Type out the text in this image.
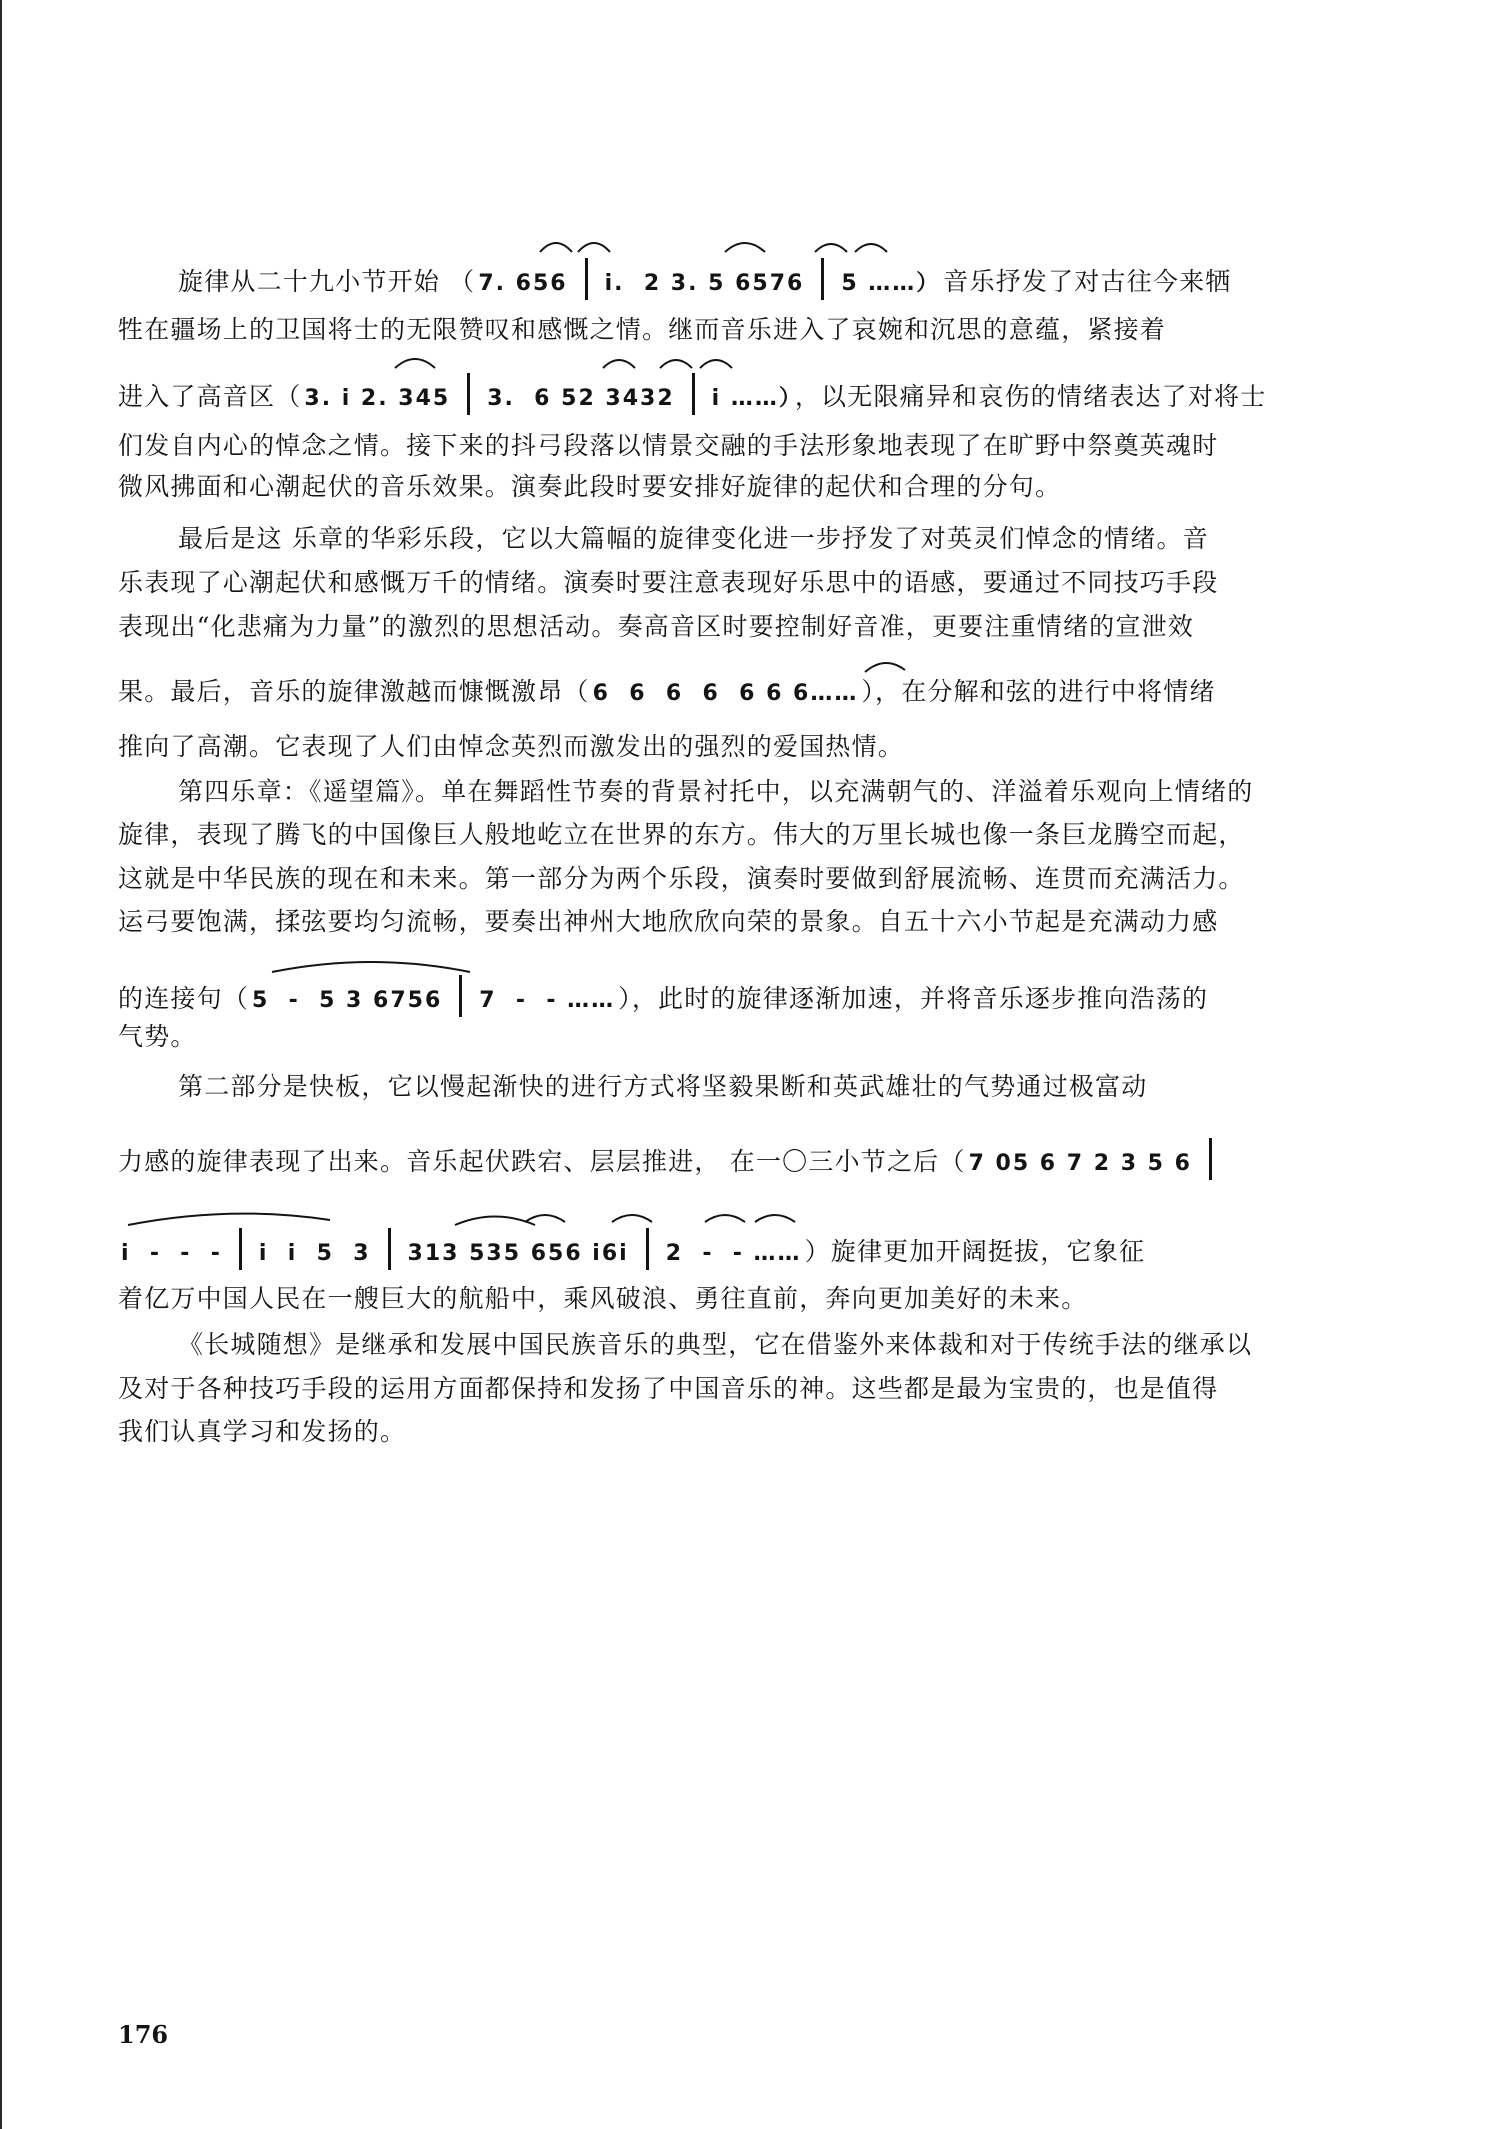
旋律从二十九小节开始 （ 7. 656 i.  2 3. 5 6576 5 ……） 音乐抒发了对古往今来牺
牲在疆场上的卫国将士的无限赞叹和感慨之情。继而音乐进入了哀婉和沉思的意蕴，紧接着
进入了高音区（ 3. i 2. 345 3.  6 52 3432 i ……） ，以无限痛异和哀伤的情绪表达了对将士
们发自内心的悼念之情。接下来的抖弓段落以情景交融的手法形象地表现了在旷野中祭奠英魂时
微风拂面和心潮起伏的音乐效果。演奏此段时要安排好旋律的起伏和合理的分句。
最后是这 乐章的华彩乐段，它以大篇幅的旋律变化进一步抒发了对英灵们悼念的情绪。音
乐表现了心潮起伏和感慨万千的情绪。演奏时要注意表现好乐思中的语感，要通过不同技巧手段
表现出“化悲痛为力量”的激烈的思想活动。奏高音区时要控制好音准，更要注重情绪的宣泄效
果。最后，音乐的旋律激越而慷慨激昂（ 6  6  6  6  6 6 6…… ），在分解和弦的进行中将情绪
推向了高潮。它表现了人们由悼念英烈而激发出的强烈的爱国热情。
第四乐章：《遥望篇》。单在舞蹈性节奏的背景衬托中，以充满朝气的、洋溢着乐观向上情绪的
旋律，表现了腾飞的中国像巨人般地屹立在世界的东方。伟大的万里长城也像一条巨龙腾空而起，
这就是中华民族的现在和未来。第一部分为两个乐段，演奏时要做到舒展流畅、连贯而充满活力。
运弓要饱满，揉弦要均匀流畅，要奏出神州大地欣欣向荣的景象。自五十六小节起是充满动力感
的连接句（ 5  -  5 3 6756 7  -  - …… ），此时的旋律逐渐加速，并将音乐逐步推向浩荡的
气势。
第二部分是快板，它以慢起渐快的进行方式将坚毅果断和英武雄壮的气势通过极富动
力感的旋律表现了出来。音乐起伏跌宕、层层推进， 在一〇三小节之后（ 7 05 6 7 2 3 5 6
i  -  -  - i  i  5  3 313 535 656 i6i 2  -  - …… ）旋律更加开阔挺拔，它象征
着亿万中国人民在一艘巨大的航船中，乘风破浪、勇往直前，奔向更加美好的未来。
《长城随想》是继承和发展中国民族音乐的典型，它在借鉴外来体裁和对于传统手法的继承以
及对于各种技巧手段的运用方面都保持和发扬了中国音乐的神。这些都是最为宝贵的，也是值得
我们认真学习和发扬的。
176
